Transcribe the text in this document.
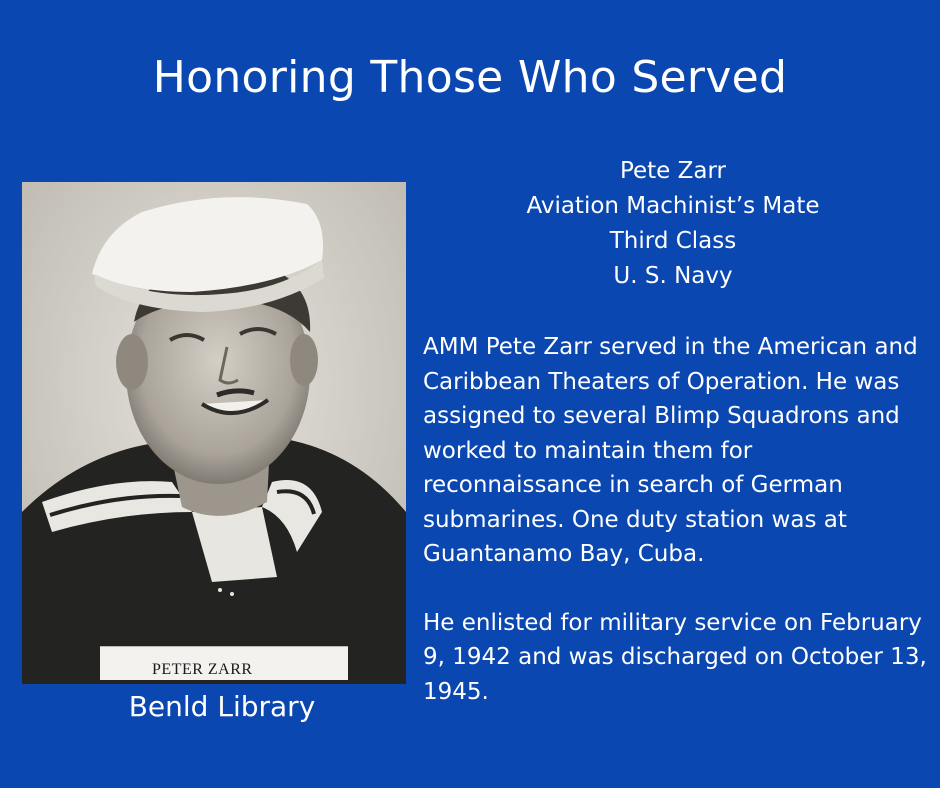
Honoring Those Who Served
PETER ZARR
Benld Library
Pete Zarr
Aviation Machinist’s Mate
Third Class
U. S. Navy

AMM Pete Zarr served in the American and Caribbean Theaters of Operation. He was assigned to several Blimp Squadrons and worked to maintain them for reconnaissance in search of German submarines. One duty station was at Guantanamo Bay, Cuba.

He enlisted for military service on February 9, 1942 and was discharged on October 13, 1945.
